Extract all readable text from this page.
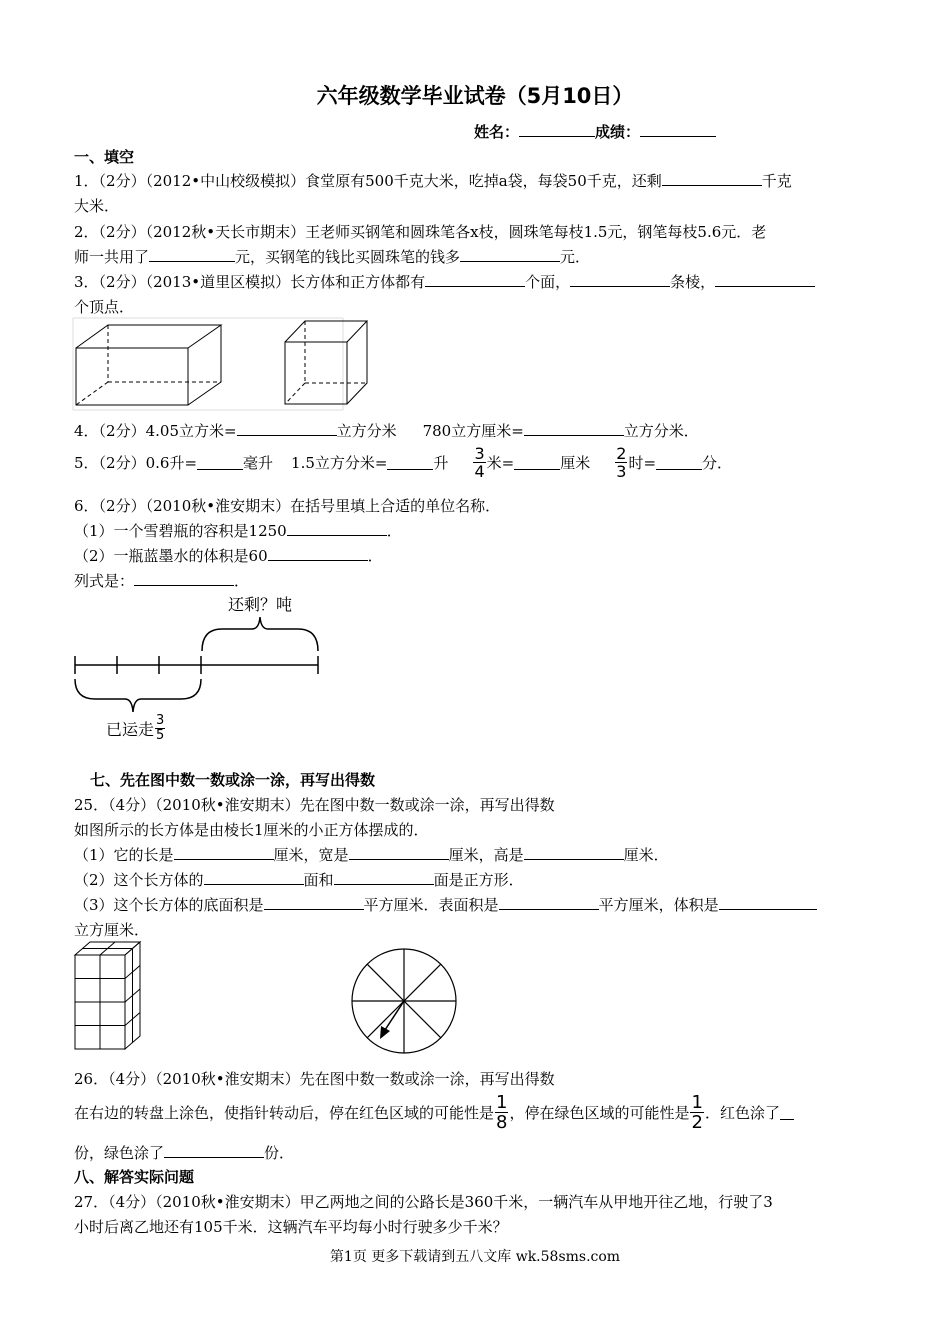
六年级数学毕业试卷（5月10日）
姓名：	成绩：
一、填空
1．（2分）（2012•中山校级模拟）食堂原有500千克大米，吃掉a袋，每袋50千克，还剩	千克
大米．
2．（2分）（2012秋•天长市期末）王老师买钢笔和圆珠笔各x枝，圆珠笔每枝1.5元，钢笔每枝5.6元．老
师一共用了	元，买钢笔的钱比买圆珠笔的钱多	元．
3．（2分）（2013•道里区模拟）长方体和正方体都有	个面，	条棱，
个顶点．
4．（2分）4.05立方米=	立方分米 780立方厘米=	立方分米．
5．（2分）0.6升=	毫升 1.5立方分米=	升 $\frac{3}{4}$ 米=	厘米 $\frac{2}{3}$ 时=	分．
6．（2分）（2010秋•淮安期末）在括号里填上合适的单位名称．
（1）一个雪碧瓶的容积是1250	．
（2）一瓶蓝墨水的体积是60	．
列式是：	．
还剩？吨
已运走 $\frac{3}{5}$
七、先在图中数一数或涂一涂，再写出得数
25．（4分）（2010秋•淮安期末）先在图中数一数或涂一涂，再写出得数
如图所示的长方体是由棱长1厘米的小正方体摆成的．
（1）它的长是	厘米，宽是	厘米，高是	厘米．
（2）这个长方体的	面和	面是正方形．
（3）这个长方体的底面积是	平方厘米．表面积是	平方厘米，体积是
立方厘米．
26．（4分）（2010秋•淮安期末）先在图中数一数或涂一涂，再写出得数
在右边的转盘上涂色，使指针转动后，停在红色区域的可能性是 $\frac{1}{8}$ ，停在绿色区域的可能性是 $\frac{1}{2}$ ．红色涂了
份，绿色涂了	份．
八、解答实际问题
27．（4分）（2010秋•淮安期末）甲乙两地之间的公路长是360千米，一辆汽车从甲地开往乙地，行驶了3
小时后离乙地还有105千米．这辆汽车平均每小时行驶多少千米？
第1页 更多下载请到五八文库 wk.58sms.com
